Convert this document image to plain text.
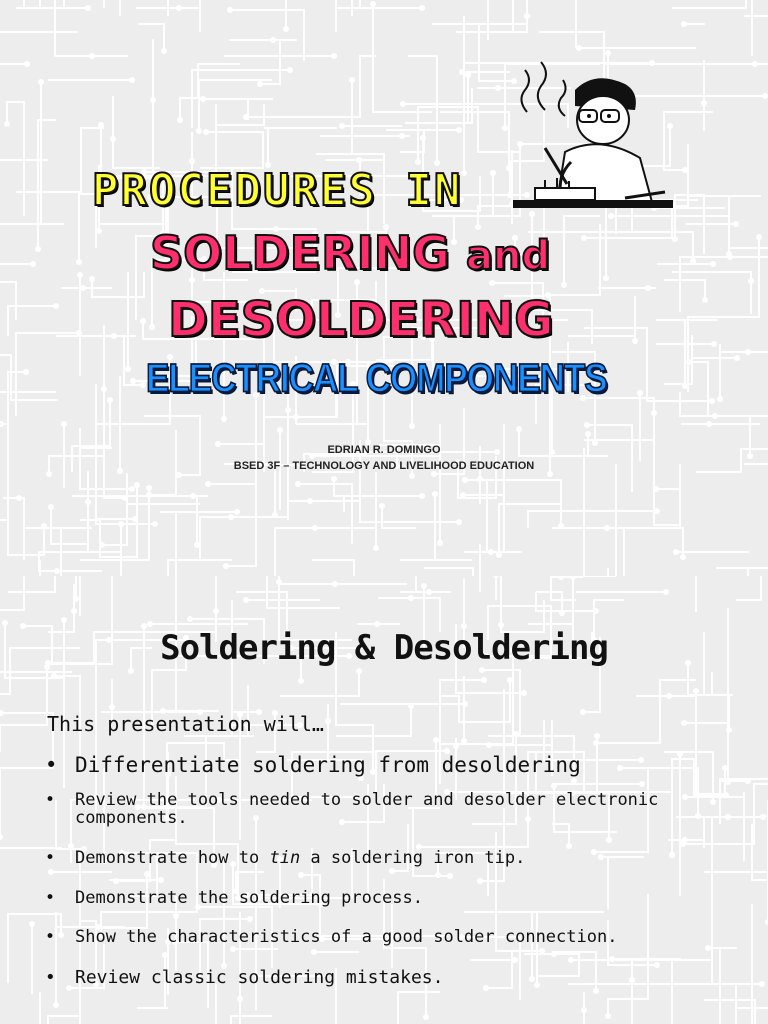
PROCEDURES IN
SOLDERING and
DESOLDERING
ELECTRICAL COMPONENTS

EDRIAN R. DOMINGO

BSED 3F – TECHNOLOGY AND LIVELIHOOD EDUCATION

Soldering & Desoldering

This presentation will…

• Differentiate soldering from desoldering
• Review the tools needed to solder and desolder electronic components.
• Demonstrate how to tin a soldering iron tip.
• Demonstrate the soldering process.
• Show the characteristics of a good solder connection.
• Review classic soldering mistakes.
